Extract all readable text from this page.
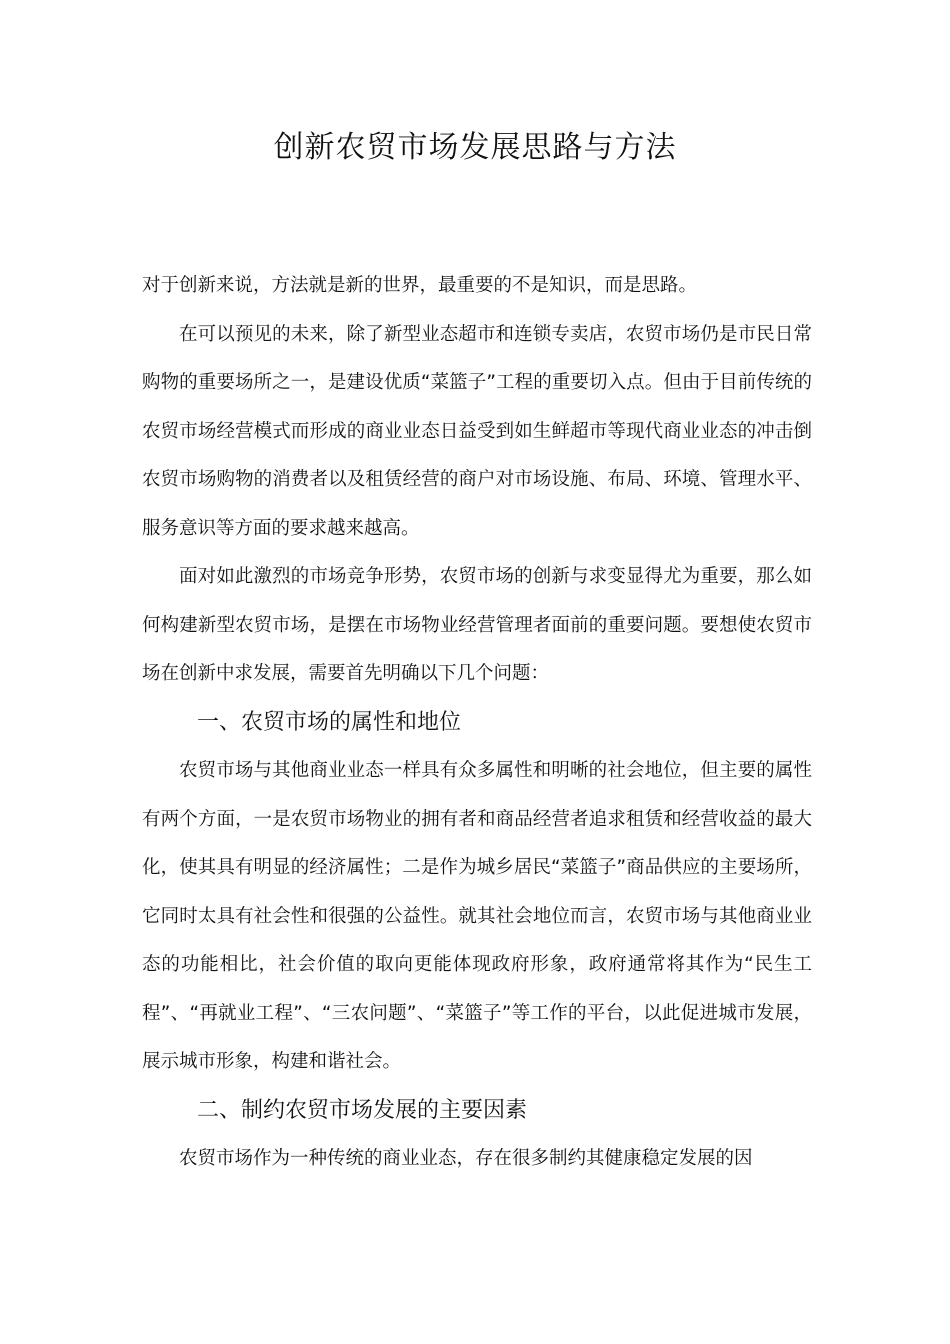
创新农贸市场发展思路与方法

对于创新来说，方法就是新的世界，最重要的不是知识，而是思路。

在可以预见的未来，除了新型业态超市和连锁专卖店，农贸市场仍是市民日常购物的重要场所之一，是建设优质“菜篮子”工程的重要切入点。但由于目前传统的农贸市场经营模式而形成的商业业态日益受到如生鲜超市等现代商业业态的冲击倒农贸市场购物的消费者以及租赁经营的商户对市场设施、布局、环境、管理水平、服务意识等方面的要求越来越高。

面对如此激烈的市场竞争形势，农贸市场的创新与求变显得尤为重要，那么如何构建新型农贸市场，是摆在市场物业经营管理者面前的重要问题。要想使农贸市场在创新中求发展，需要首先明确以下几个问题：

一、农贸市场的属性和地位

农贸市场与其他商业业态一样具有众多属性和明晰的社会地位，但主要的属性有两个方面，一是农贸市场物业的拥有者和商品经营者追求租赁和经营收益的最大化，使其具有明显的经济属性；二是作为城乡居民“菜篮子”商品供应的主要场所，它同时太具有社会性和很强的公益性。就其社会地位而言，农贸市场与其他商业业态的功能相比，社会价值的取向更能体现政府形象，政府通常将其作为“民生工程”、“再就业工程”、“三农问题”、“菜篮子”等工作的平台，以此促进城市发展，展示城市形象，构建和谐社会。

二、制约农贸市场发展的主要因素

农贸市场作为一种传统的商业业态，存在很多制约其健康稳定发展的因
